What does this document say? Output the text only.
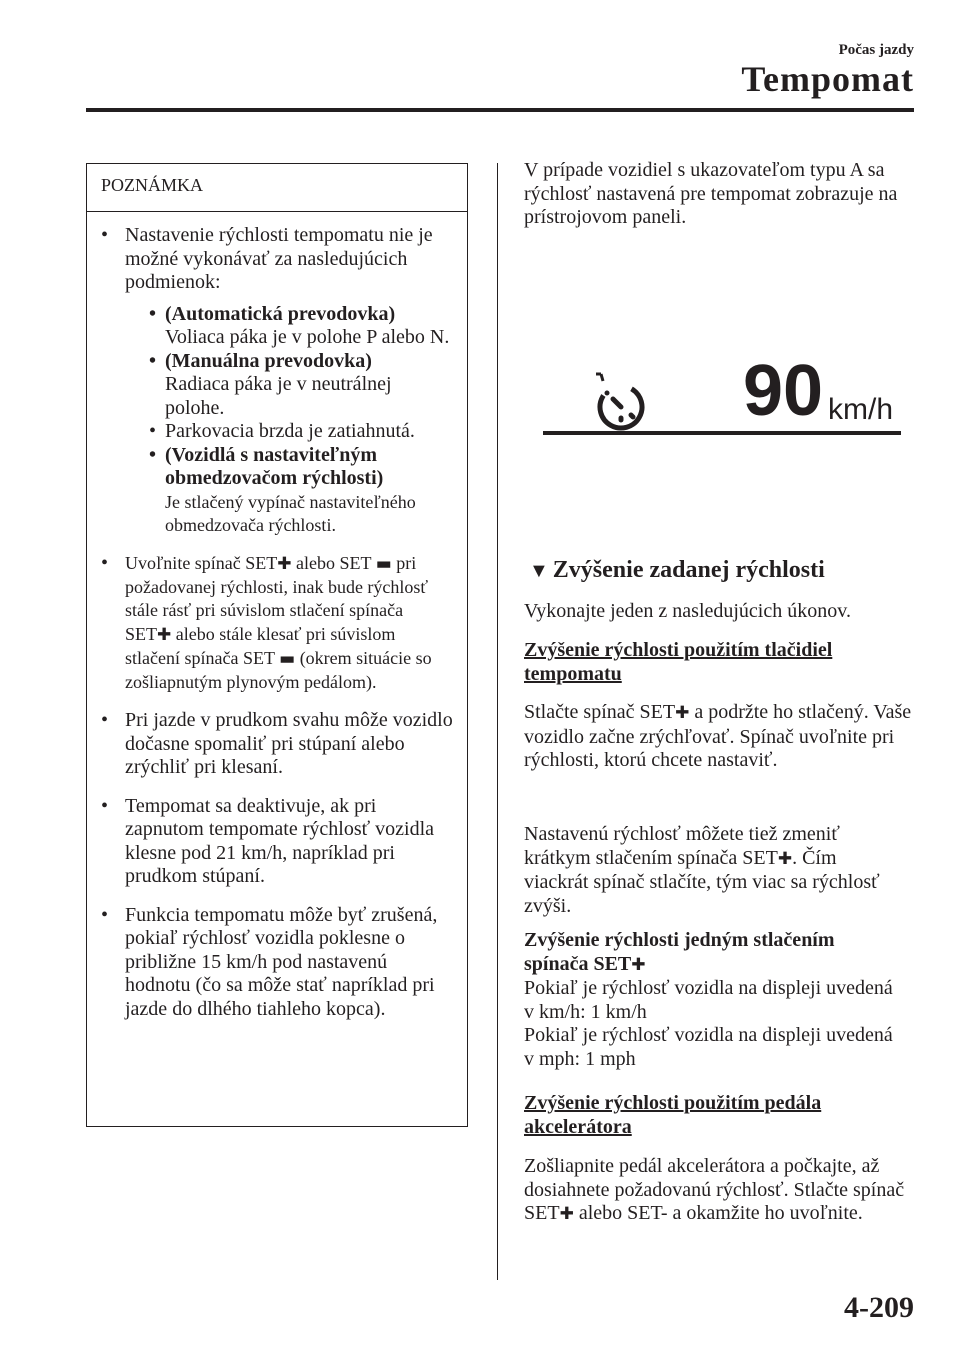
Počas jazdy
Tempomat
POZNÁMKA
• Nastavenie rýchlosti tempomatu nie je možné vykonávať za nasledujúcich podmienok:
• (Automatická prevodovka)
Voliaca páka je v polohe P alebo N.
• (Manuálna prevodovka)
Radiaca páka je v neutrálnej polohe.
• Parkovacia brzda je zatiahnutá.
• (Vozidlá s nastaviteľným obmedzovačom rýchlosti)
Je stlačený vypínač nastaviteľného obmedzovača rýchlosti.
• Uvoľnite spínač SET✚ alebo SET ▬ pri požadovanej rýchlosti, inak bude rýchlosť stále rásť pri súvislom stlačení spínača SET✚ alebo stále klesať pri súvislom stlačení spínača SET ▬ (okrem situácie so zošliapnutým plynovým pedálom).
• Pri jazde v prudkom svahu môže vozidlo dočasne spomaliť pri stúpaní alebo zrýchliť pri klesaní.
• Tempomat sa deaktivuje, ak pri zapnutom tempomate rýchlosť vozidla klesne pod 21 km/h, napríklad pri prudkom stúpaní.
• Funkcia tempomatu môže byť zrušená, pokiaľ rýchlosť vozidla poklesne o približne 15 km/h pod nastavenú hodnotu (čo sa môže stať napríklad pri jazde do dlhého tiahleho kopca).

V prípade vozidiel s ukazovateľom typu A sa rýchlosť nastavená pre tempomat zobrazuje na prístrojovom paneli.

90 km/h
▼ Zvýšenie zadanej rýchlosti

Vykonajte jeden z nasledujúcich úkonov.

Zvýšenie rýchlosti použitím tlačidiel tempomatu

Stlačte spínač SET✚ a podržte ho stlačený. Vaše vozidlo začne zrýchľovať. Spínač uvoľnite pri rýchlosti, ktorú chcete nastaviť.

Nastavenú rýchlosť môžete tiež zmeniť krátkym stlačením spínača SET✚. Čím viackrát spínač stlačíte, tým viac sa rýchlosť zvýši.

Zvýšenie rýchlosti jedným stlačením spínača SET✚
Pokiaľ je rýchlosť vozidla na displeji uvedená v km/h: 1 km/h
Pokiaľ je rýchlosť vozidla na displeji uvedená v mph: 1 mph

Zvýšenie rýchlosti použitím pedála akcelerátora

Zošliapnite pedál akcelerátora a počkajte, až dosiahnete požadovanú rýchlosť. Stlačte spínač SET✚ alebo SET- a okamžite ho uvoľnite.

4-209
